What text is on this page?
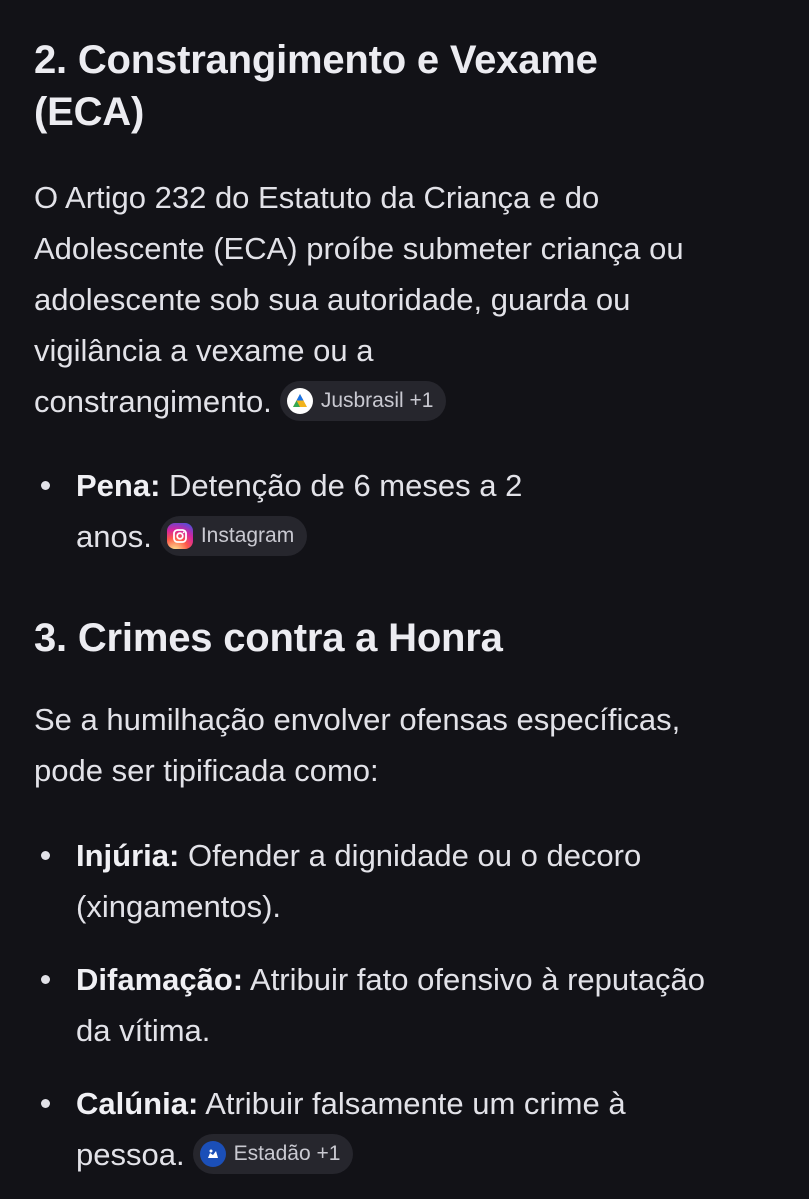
2. Constrangimento e Vexame
(ECA)

O Artigo 232 do Estatuto da Criança e do
Adolescente (ECA) proíbe submeter criança ou
adolescente sob sua autoridade, guarda ou
vigilância a vexame ou a
constrangimento. Jusbrasil +1

Pena: Detenção de 6 meses a 2
anos. Instagram
3. Crimes contra a Honra

Se a humilhação envolver ofensas específicas,
pode ser tipificada como:

Injúria: Ofender a dignidade ou o decoro
(xingamentos).
Difamação: Atribuir fato ofensivo à reputação
da vítima.
Calúnia: Atribuir falsamente um crime à
pessoa. Estadão +1
